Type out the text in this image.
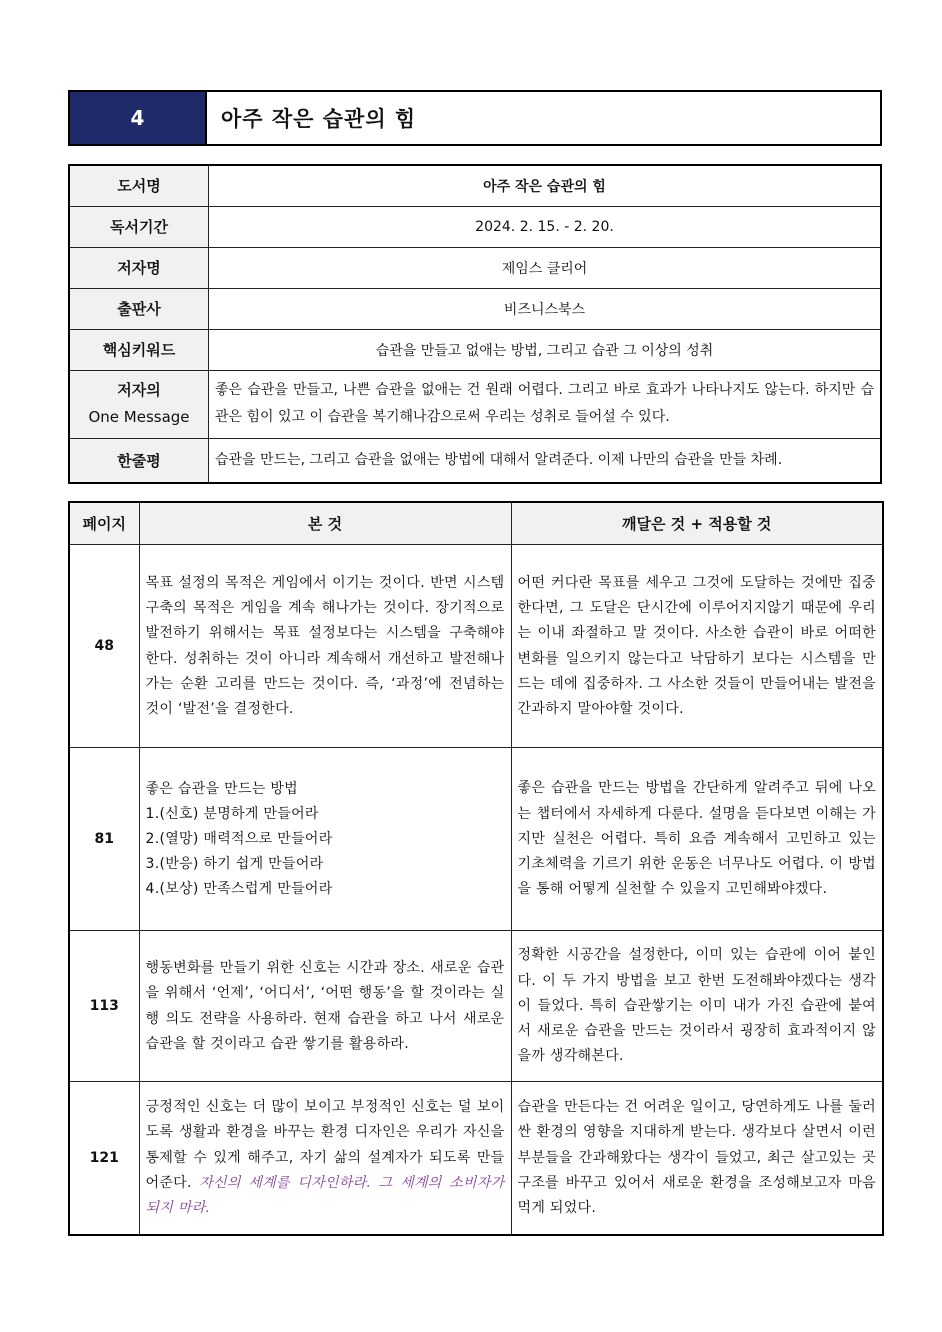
4	아주 작은 습관의 힘
도서명	아주 작은 습관의 힘
독서기간	2024. 2. 15. - 2. 20.
저자명	제임스 클리어
출판사	비즈니스북스
핵심키워드	습관을 만들고 없애는 방법, 그리고 습관 그 이상의 성취

저자의
One Message	좋은 습관을 만들고, 나쁜 습관을 없애는 건 원래 어렵다. 그리고 바로 효과가 나타나지도 않는다. 하지만 습관은 힘이 있고 이 습관을 복기해나감으로써 우리는 성취로 들어설 수 있다.
한줄평	습관을 만드는, 그리고 습관을 없애는 방법에 대해서 알려준다. 이제 나만의 습관을 만들 차례.
페이지	본 것	깨달은 것 + 적용할 것
48	목표 설정의 목적은 게임에서 이기는 것이다. 반면 시스템 구축의 목적은 게임을 계속 해나가는 것이다. 장기적으로 발전하기 위해서는 목표 설정보다는 시스템을 구축해야 한다. 성취하는 것이 아니라 계속해서 개선하고 발전해나가는 순환 고리를 만드는 것이다. 즉, ‘과정’에 전념하는 것이 ‘발전’을 결정한다.	어떤 커다란 목표를 세우고 그것에 도달하는 것에만 집중한다면, 그 도달은 단시간에 이루어지지않기 때문에 우리는 이내 좌절하고 말 것이다. 사소한 습관이 바로 어떠한 변화를 일으키지 않는다고 낙담하기 보다는 시스템을 만드는 데에 집중하자. 그 사소한 것들이 만들어내는 발전을 간과하지 말아야할 것이다.
81	좋은 습관을 만드는 방법
1.(신호) 분명하게 만들어라
2.(열망) 매력적으로 만들어라
3.(반응) 하기 쉽게 만들어라
4.(보상) 만족스럽게 만들어라	좋은 습관을 만드는 방법을 간단하게 알려주고 뒤에 나오는 챕터에서 자세하게 다룬다. 설명을 듣다보면 이해는 가지만 실천은 어렵다. 특히 요즘 계속해서 고민하고 있는 기초체력을 기르기 위한 운동은 너무나도 어렵다. 이 방법을 통해 어떻게 실천할 수 있을지 고민해봐야겠다.
113	행동변화를 만들기 위한 신호는 시간과 장소. 새로운 습관을 위해서 ‘언제’, ‘어디서’, ‘어떤 행동’을 할 것이라는 실행 의도 전략을 사용하라. 현재 습관을 하고 나서 새로운 습관을 할 것이라고 습관 쌓기를 활용하라.	정확한 시공간을 설정한다, 이미 있는 습관에 이어 붙인다. 이 두 가지 방법을 보고 한번 도전해봐야겠다는 생각이 들었다. 특히 습관쌓기는 이미 내가 가진 습관에 붙여서 새로운 습관을 만드는 것이라서 굉장히 효과적이지 않을까 생각해본다.
121	긍정적인 신호는 더 많이 보이고 부정적인 신호는 덜 보이도록 생활과 환경을 바꾸는 환경 디자인은 우리가 자신을 통제할 수 있게 해주고, 자기 삶의 설계자가 되도록 만들어준다. 자신의 세계를 디자인하라. 그 세계의 소비자가 되지 마라.	습관을 만든다는 건 어려운 일이고, 당연하게도 나를 둘러싼 환경의 영향을 지대하게 받는다. 생각보다 살면서 이런 부분들을 간과해왔다는 생각이 들었고, 최근 살고있는 곳 구조를 바꾸고 있어서 새로운 환경을 조성해보고자 마음먹게 되었다.
